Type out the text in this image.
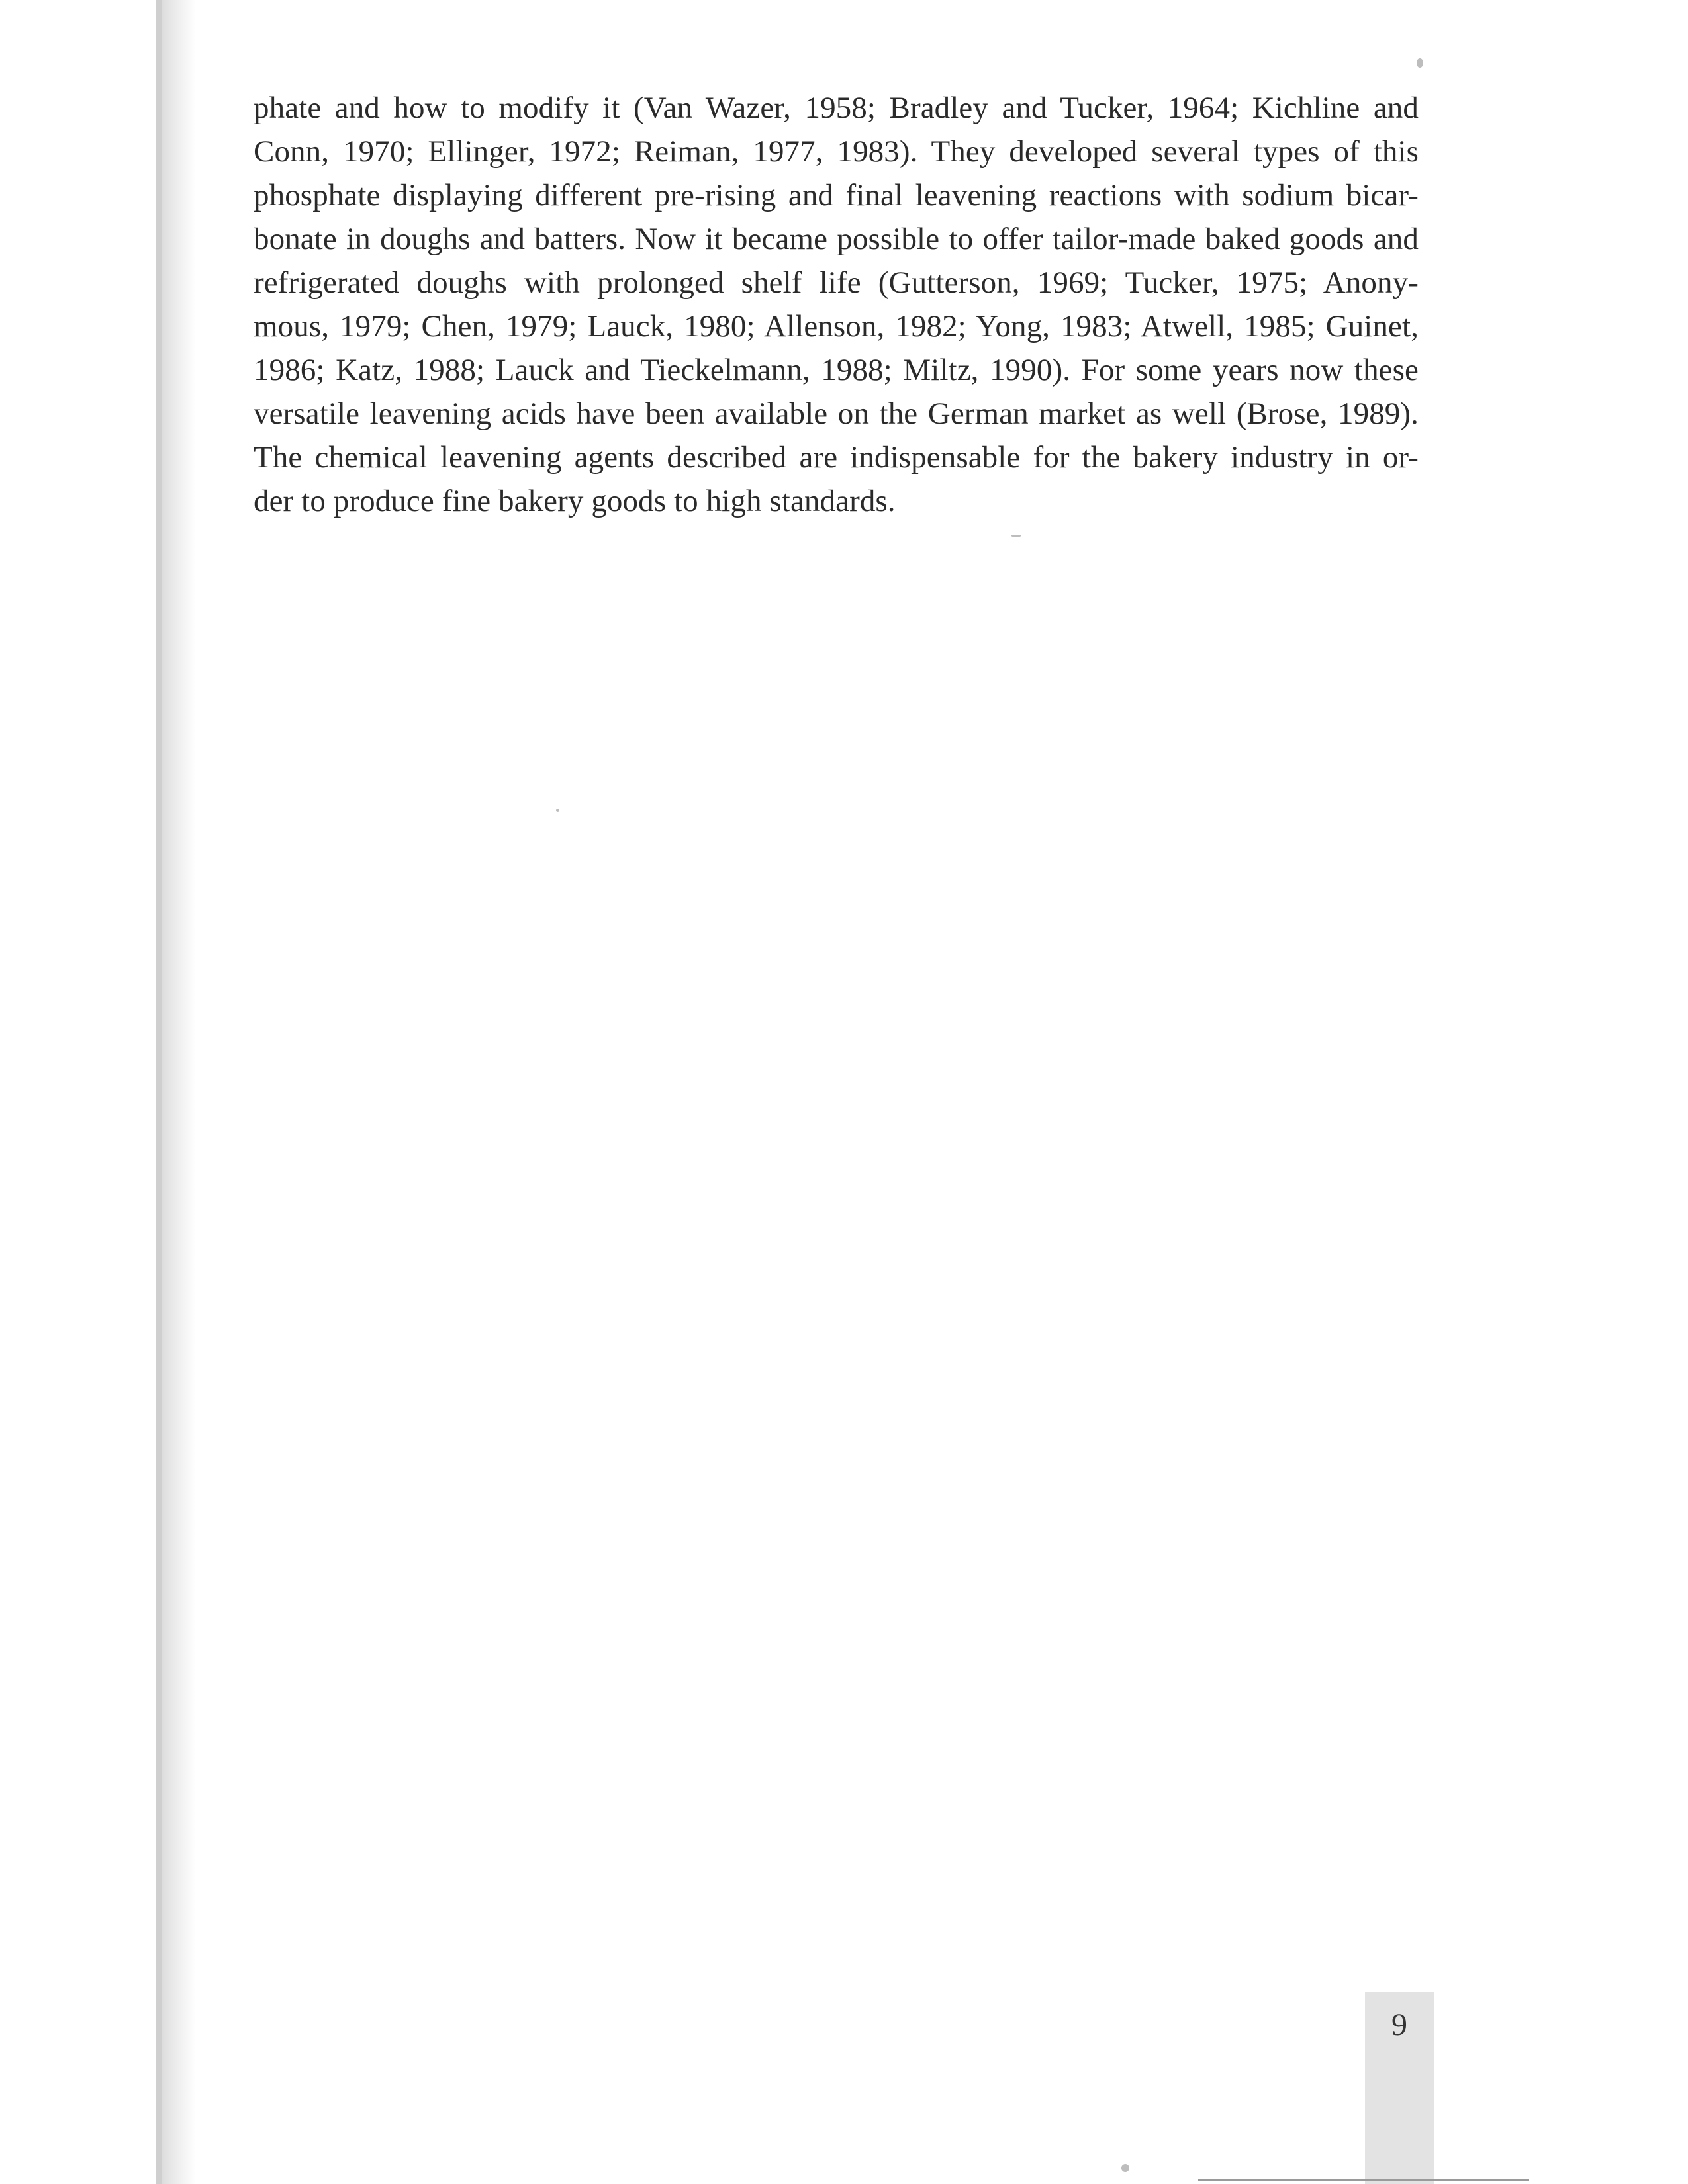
phate and how to modify it (Van Wazer, 1958; Bradley and Tucker, 1964; Kichline and
Conn, 1970; Ellinger, 1972; Reiman, 1977, 1983). They developed several types of this
phosphate displaying different pre-rising and final leavening reactions with sodium bicar-
bonate in doughs and batters. Now it became possible to offer tailor-made baked goods and
refrigerated doughs with prolonged shelf life (Gutterson, 1969; Tucker, 1975; Anony-
mous, 1979; Chen, 1979; Lauck, 1980; Allenson, 1982; Yong, 1983; Atwell, 1985; Guinet,
1986; Katz, 1988; Lauck and Tieckelmann, 1988; Miltz, 1990). For some years now these
versatile leavening acids have been available on the German market as well (Brose, 1989).
The chemical leavening agents described are indispensable for the bakery industry in or-
der to produce fine bakery goods to high standards.

9
